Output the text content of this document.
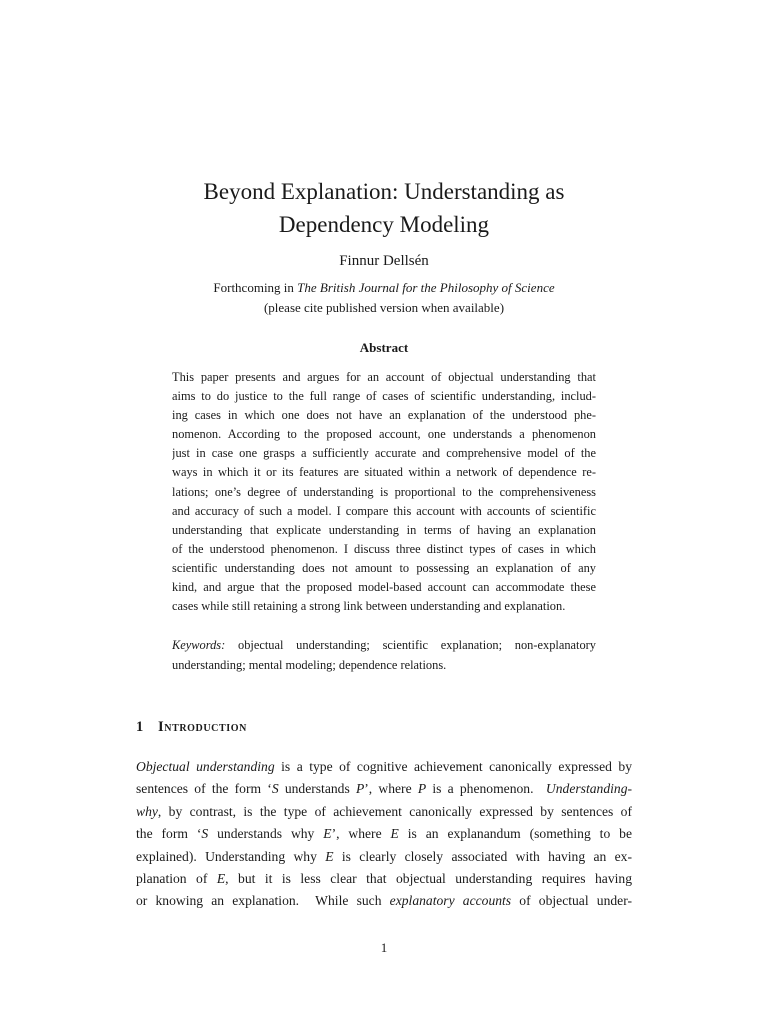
Beyond Explanation: Understanding as
Dependency Modeling
Finnur Dellsén
Forthcoming in The British Journal for the Philosophy of Science
(please cite published version when available)
Abstract
This paper presents and argues for an account of objectual understanding that
aims to do justice to the full range of cases of scientific understanding, includ-
ing cases in which one does not have an explanation of the understood phe-
nomenon. According to the proposed account, one understands a phenomenon
just in case one grasps a sufficiently accurate and comprehensive model of the
ways in which it or its features are situated within a network of dependence re-
lations; one’s degree of understanding is proportional to the comprehensiveness
and accuracy of such a model. I compare this account with accounts of scientific
understanding that explicate understanding in terms of having an explanation
of the understood phenomenon. I discuss three distinct types of cases in which
scientific understanding does not amount to possessing an explanation of any
kind, and argue that the proposed model-based account can accommodate these
cases while still retaining a strong link between understanding and explanation.
Keywords: objectual understanding; scientific explanation; non-explanatory
understanding; mental modeling; dependence relations.
1 Introduction
Objectual understanding is a type of cognitive achievement canonically expressed by
sentences of the form ‘S understands P’, where P is a phenomenon.  Understanding-
why, by contrast, is the type of achievement canonically expressed by sentences of
the form ‘S understands why E’, where E is an explanandum (something to be
explained). Understanding why E is clearly closely associated with having an ex-
planation of E, but it is less clear that objectual understanding requires having
or knowing an explanation.  While such explanatory accounts of objectual under-
1
